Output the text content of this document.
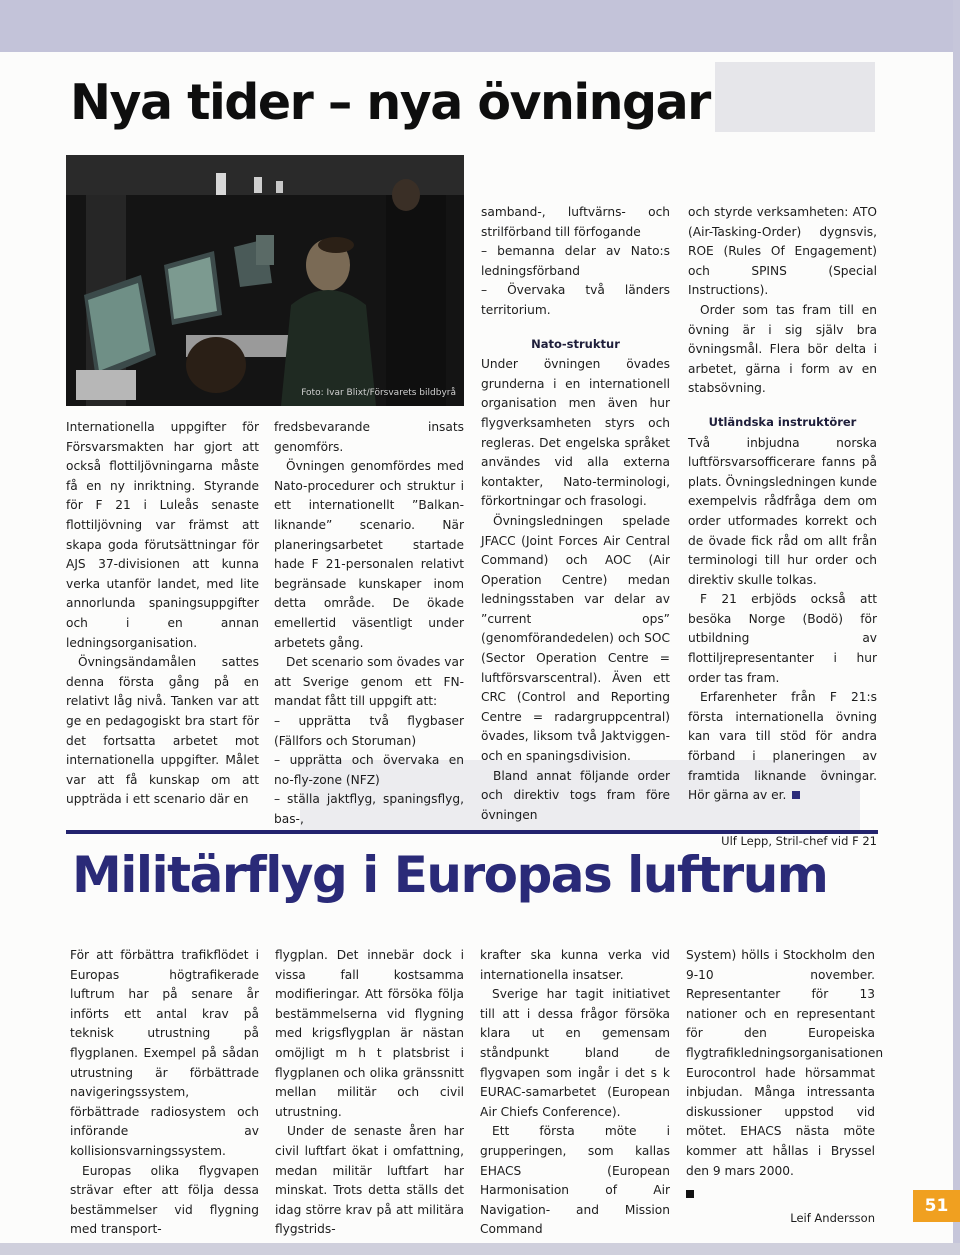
Nya tider – nya övningar
Foto: Ivar Blixt/Försvarets bildbyrå

Internationella uppgifter för Försvarsmakten har gjort att också flottiljövningarna måste få en ny inriktning. Styrande för F 21 i Luleås senaste flottiljövning var främst att skapa goda förutsättningar för AJS 37-divisionen att kunna verka utanför landet, med lite annorlunda spaningsuppgifter och i en annan ledningsorganisation.

Övningsändamålen sattes denna första gång på en relativt låg nivå. Tanken var att ge en pedagogiskt bra start för det fortsatta arbetet mot internationella uppgifter. Målet var att få kunskap om att uppträda i ett scenario där en

fredsbevarande insats genomförs.

Övningen genomfördes med Nato-procedurer och struktur i ett internationellt ”Balkan-liknande” scenario. När planeringsarbetet startade hade F 21-personalen relativt begränsade kunskaper inom detta område. De ökade emellertid väsentligt under arbetets gång.

Det scenario som övades var att Sverige genom ett FN-mandat fått till uppgift att:

– upprätta två flygbaser (Fällfors och Storuman)

– upprätta och övervaka en no-fly-zone (NFZ)

– ställa jaktflyg, spaningsflyg, bas-,

samband-, luftvärns- och strilförband till förfogande

– bemanna delar av Nato:s ledningsförband

– Övervaka två länders territorium.

Nato-struktur

Under övningen övades grunderna i en internationell organisation men även hur flygverksamheten styrs och regleras. Det engelska språket användes vid alla externa kontakter, Nato-terminologi, förkortningar och frasologi.

Övningsledningen spelade JFACC (Joint Forces Air Central Command) och AOC (Air Operation Centre) medan ledningsstaben var delar av ”current ops” (genomförandedelen) och SOC (Sector Operation Centre = luftförsvarscentral). Även ett CRC (Control and Reporting Centre = radargruppcentral) övades, liksom två Jaktviggen- och en spaningsdivision.

Bland annat följande order och direktiv togs fram före övningen

och styrde verksamheten: ATO (Air-Tasking-Order) dygnsvis, ROE (Rules Of Engagement) och SPINS (Special Instructions).

Order som tas fram till en övning är i sig själv bra övningsmål. Flera bör delta i arbetet, gärna i form av en stabsövning.

Utländska instruktörer

Två inbjudna norska luftförsvarsofficerare fanns på plats. Övningsledningen kunde exempelvis rådfråga dem om order utformades korrekt och de övade fick råd om allt från terminologi till hur order och direktiv skulle tolkas.

F 21 erbjöds också att besöka Norge (Bodö) för utbildning av flottiljrepresentanter i hur order tas fram.

Erfarenheter från F 21:s första internationella övning kan vara till stöd för andra förband i planeringen av framtida liknande övningar. Hör gärna av er.

Ulf Lepp, Stril-chef vid F 21

Militärflyg i Europas luftrum

För att förbättra trafikflödet i Europas högtrafikerade luftrum har på senare år införts ett antal krav på teknisk utrustning på flygplanen. Exempel på sådan utrustning är förbättrade navigeringssystem, förbättrade radiosystem och införande av kollisionsvarningssystem.

Europas olika flygvapen strävar efter att följa dessa bestämmelser vid flygning med transport-

flygplan. Det innebär dock i vissa fall kostsamma modifieringar. Att försöka följa bestämmelserna vid flygning med krigsflygplan är nästan omöjligt m h t platsbrist i flygplanen och olika gränssnitt mellan militär och civil utrustning.

Under de senaste åren har civil luftfart ökat i omfattning, medan militär luftfart har minskat. Trots detta ställs det idag större krav på att militära flygstrids-

krafter ska kunna verka vid internationella insatser.

Sverige har tagit initiativet till att i dessa frågor försöka klara ut en gemensam ståndpunkt bland de flygvapen som ingår i det s k EURAC-samarbetet (European Air Chiefs Conference).

Ett första möte i grupperingen, som kallas EHACS (European Harmonisation of Air Navigation- and Mission Command

System) hölls i Stockholm den 9-10 november. Representanter för 13 nationer och en representant för den Europeiska flygtrafikledningsorganisationen Eurocontrol hade hörsammat inbjudan. Många intressanta diskussioner uppstod vid mötet. EHACS nästa möte kommer att hållas i Bryssel den 9 mars 2000.

Leif Andersson

51
